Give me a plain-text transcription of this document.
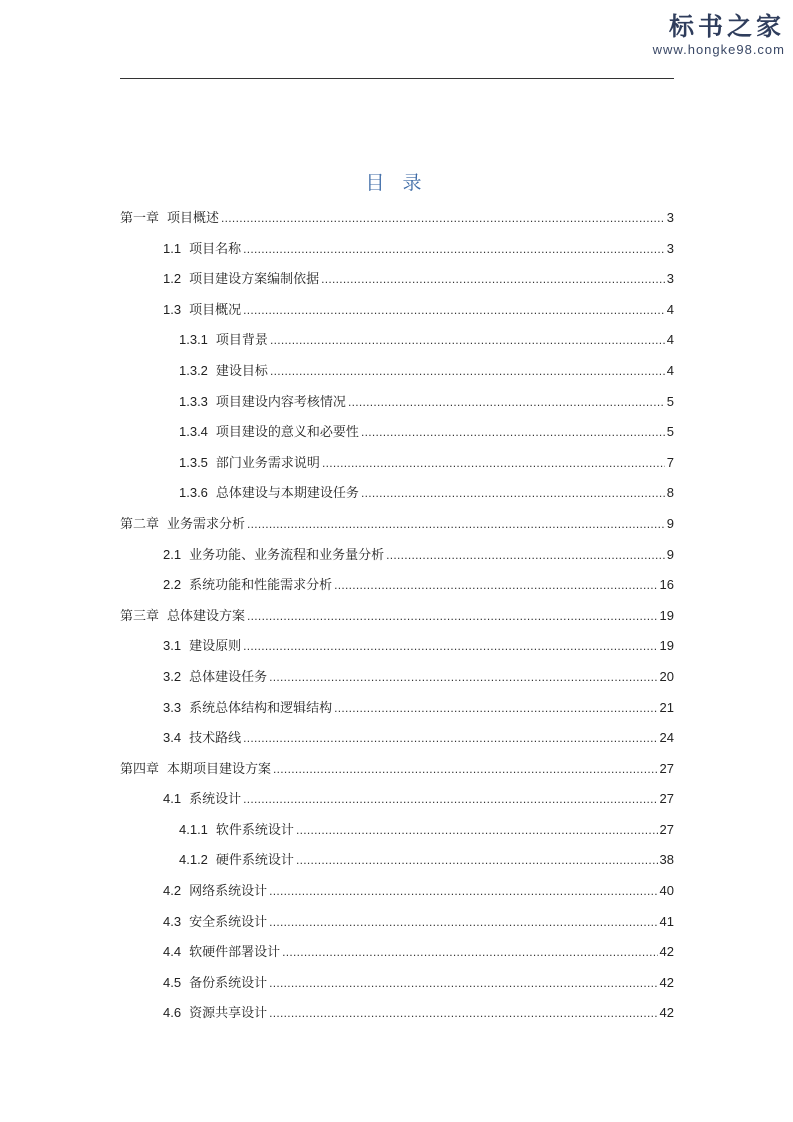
标书之家
www.hongke98.com
目 录
第一章 项目概述 .....	3
1.1 项目名称 .....	3
1.2 项目建设方案编制依据 .....	3
1.3 项目概况 .....	4
1.3.1 项目背景 .....	4
1.3.2 建设目标 .....	4
1.3.3 项目建设内容考核情况 .....	5
1.3.4 项目建设的意义和必要性 .....	5
1.3.5 部门业务需求说明 .....	7
1.3.6 总体建设与本期建设任务 .....	8
第二章 业务需求分析 .....	9
2.1 业务功能、业务流程和业务量分析 .....	9
2.2 系统功能和性能需求分析 .....	16
第三章 总体建设方案 .....	19
3.1 建设原则 .....	19
3.2 总体建设任务 .....	20
3.3 系统总体结构和逻辑结构 .....	21
3.4 技术路线 .....	24
第四章 本期项目建设方案 .....	27
4.1 系统设计 .....	27
4.1.1 软件系统设计 .....	27
4.1.2 硬件系统设计 .....	38
4.2 网络系统设计 .....	40
4.3 安全系统设计 .....	41
4.4 软硬件部署设计 .....	42
4.5 备份系统设计 .....	42
4.6 资源共享设计 .....	42
